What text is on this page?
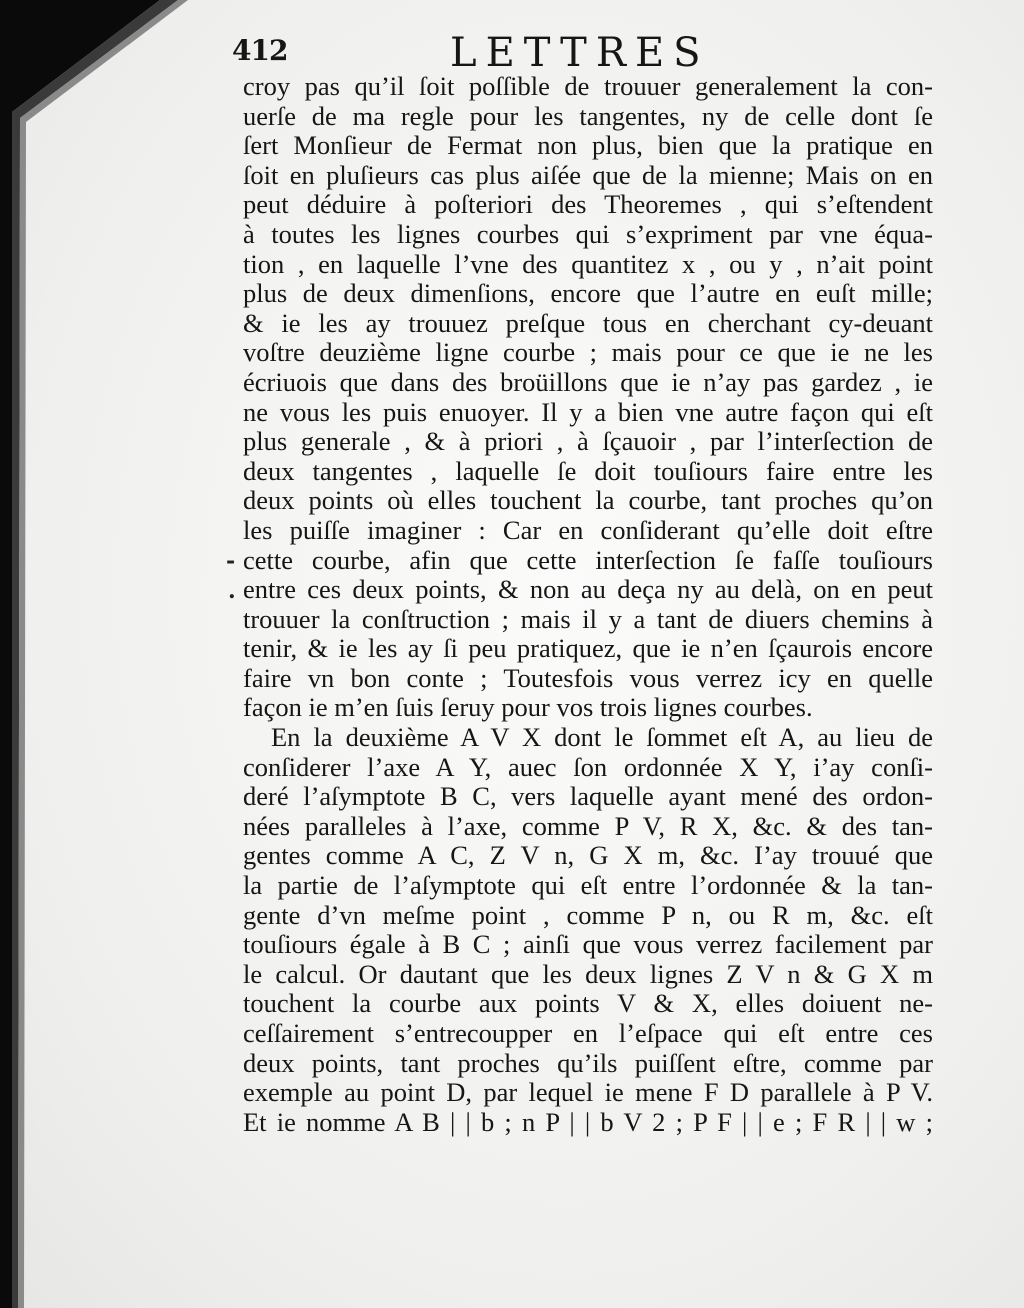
412	LETTRES
croy pas qu’il ſoit poſſible de trouuer generalement la con-
uerſe de ma regle pour les tangentes, ny de celle dont ſe
ſert Monſieur de Fermat non plus, bien que la pratique en
ſoit en pluſieurs cas plus aiſée que de la mienne; Mais on en
peut déduire à poſteriori des Theoremes , qui s’eſtendent
à toutes les lignes courbes qui s’expriment par vne équa-
tion , en laquelle l’vne des quantitez x , ou y , n’ait point
plus de deux dimenſions, encore que l’autre en euſt mille;
& ie les ay trouuez preſque tous en cherchant cy-deuant
voſtre deuzième ligne courbe ; mais pour ce que ie ne les
écriuois que dans des broüillons que ie n’ay pas gardez , ie
ne vous les puis enuoyer. Il y a bien vne autre façon qui eſt
plus generale , & à priori , à ſçauoir , par l’interſection de
deux tangentes , laquelle ſe doit touſiours faire entre les
deux points où elles touchent la courbe, tant proches qu’on
les puiſſe imaginer : Car en conſiderant qu’elle doit eſtre
cette courbe, afin que cette interſection ſe faſſe touſiours
entre ces deux points, & non au deça ny au delà, on en peut
trouuer la conſtruction ; mais il y a tant de diuers chemins à
tenir, & ie les ay ſi peu pratiquez, que ie n’en ſçaurois encore
faire vn bon conte ; Toutesfois vous verrez icy en quelle
façon ie m’en ſuis ſeruy pour vos trois lignes courbes.
En la deuxième A V X dont le ſommet eſt A, au lieu de
conſiderer l’axe A Y, auec ſon ordonnée X Y, i’ay conſi-
deré l’aſymptote B C, vers laquelle ayant mené des ordon-
nées paralleles à l’axe, comme P V, R X, &c. & des tan-
gentes comme A C, Z V n, G X m, &c. I’ay trouué que
la partie de l’aſymptote qui eſt entre l’ordonnée & la tan-
gente d’vn meſme point , comme P n, ou R m, &c. eſt
touſiours égale à B C ; ainſi que vous verrez facilement par
le calcul. Or dautant que les deux lignes Z V n & G X m
touchent la courbe aux points V & X, elles doiuent ne-
ceſſairement s’entrecoupper en l’eſpace qui eſt entre ces
deux points, tant proches qu’ils puiſſent eſtre, comme par
exemple au point D, par lequel ie mene F D parallele à P V.
Et ie nomme A B | | b ; n P | | b V 2 ; P F | | e ; F R | | w ;
-
.
